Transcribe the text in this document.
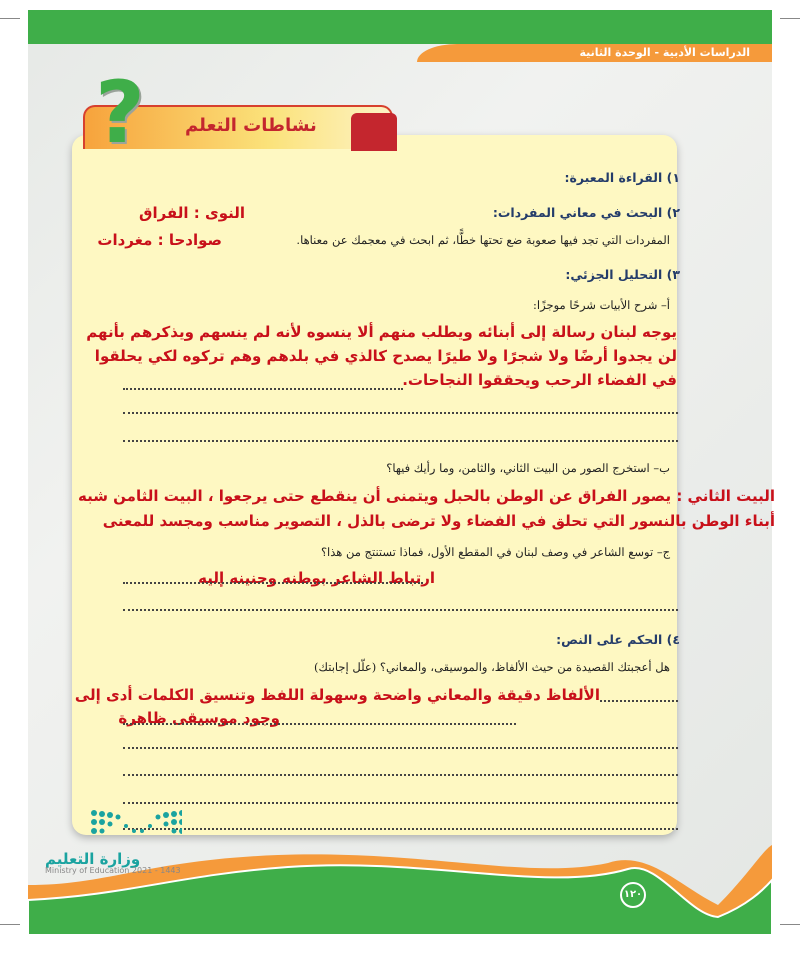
الدراسات الأدبية - الوحدة الثانية
نشاطات التعلم
?
١) القراءة المعبرة:
٢) البحث في معاني المفردات:
النوى : الفراق
المفردات التي تجد فيها صعوبة ضع تحتها خطًّا، ثم ابحث في معجمك عن معناها.
صوادحا : مغردات
٣) التحليل الجزئي:
أ– شرح الأبيات شرحًا موجزًا:
يوجه لبنان رسالة إلى أبنائه ويطلب منهم ألا ينسوه لأنه لم ينسهم ويذكرهم بأنهم
لن يجدوا أرضًا ولا شجرًا ولا طيرًا يصدح كالذي في بلدهم وهم تركوه لكي يحلقوا
في الفضاء الرحب ويحققوا النجاحات.
ب– استخرج الصور من البيت الثاني، والثامن، وما رأيك فيها؟
البيت الثاني : يصور الفراق عن الوطن بالحبل ويتمنى أن ينقطع حتى يرجعوا ، البيت الثامن شبه
أبناء الوطن بالنسور التي تحلق في الفضاء ولا ترضى بالذل ، التصوير مناسب ومجسد للمعنى
ج– توسع الشاعر في وصف لبنان في المقطع الأول، فماذا تستنتج من هذا؟
ارتباط الشاعر بوطنه وحنينه إليه
٤) الحكم على النص:
هل أعجبتك القصيدة من حيث الألفاظ، والموسيقى، والمعاني؟ (علّل إجابتك)
الألفاظ دقيقة والمعاني واضحة وسهولة اللفظ وتنسيق الكلمات أدى إلى
وجود موسيقى ظاهرة
وزارة التعليم
Ministry of Education 2021 - 1443
١٢٠
